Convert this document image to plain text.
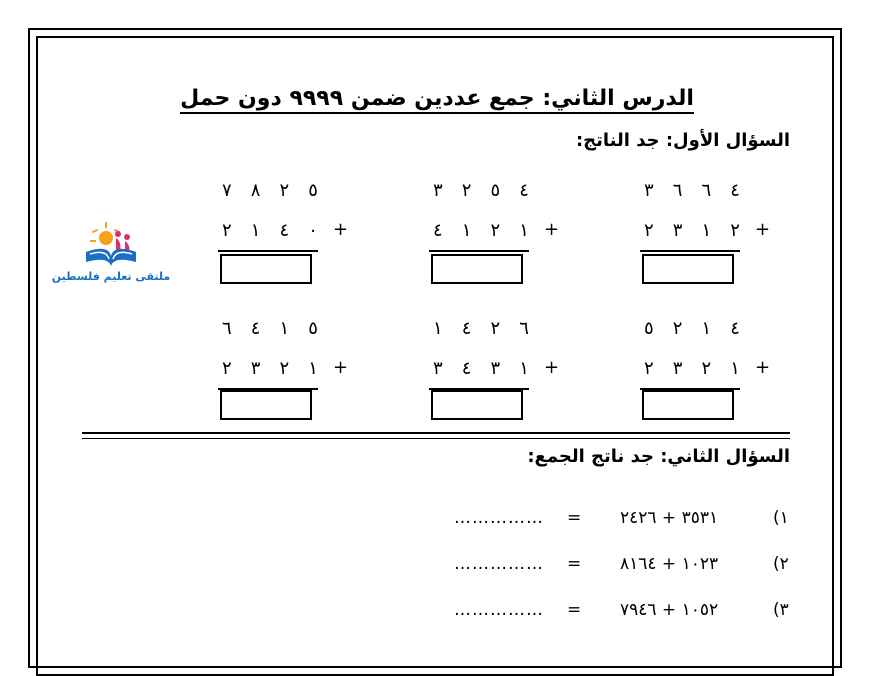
الدرس الثاني: جمع عددين ضمن ٩٩٩٩ دون حمل
السؤال الأول: جد الناتج:
٧ ٨ ٢ ٥
٢ ١ ٤ ٠ +
٣ ٢ ٥ ٤
٤ ١ ٢ ١ +
٣ ٦ ٦ ٤
٢ ٣ ١ ٢ +
٦ ٤ ١ ٥
٢ ٣ ٢ ١ +
١ ٤ ٢ ٦
٣ ٤ ٣ ١ +
٥ ٢ ١ ٤
٢ ٣ ٢ ١ +
ملتقى تعليم فلسطين
السؤال الثاني: جد ناتج الجمع:
١)
٣٥٣١ + ٢٤٢٦
=
……………
٢)
١٠٢٣ + ٨١٦٤
=
……………
٣)
١٠٥٢ + ٧٩٤٦
=
……………
